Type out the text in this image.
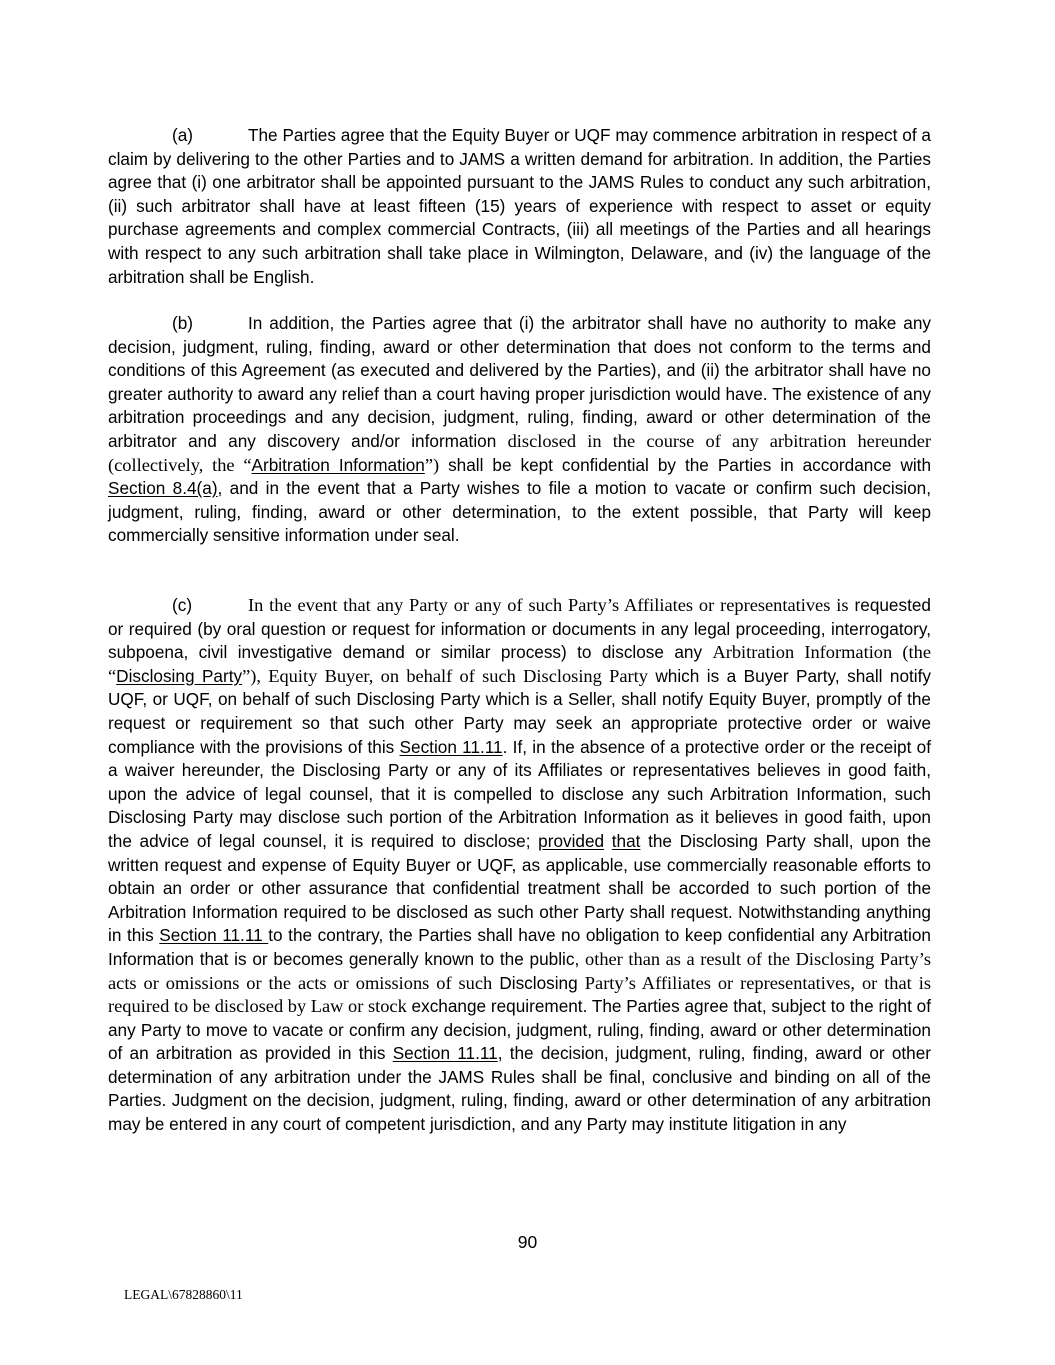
(a)	The Parties agree that the Equity Buyer or UQF may commence arbitration in respect of a claim by delivering to the other Parties and to JAMS a written demand for arbitration. In addition, the Parties agree that (i) one arbitrator shall be appointed pursuant to the JAMS Rules to conduct any such arbitration, (ii) such arbitrator shall have at least fifteen (15) years of experience with respect to asset or equity purchase agreements and complex commercial Contracts, (iii) all meetings of the Parties and all hearings with respect to any such arbitration shall take place in Wilmington, Delaware, and (iv) the language of the arbitration shall be English.

(b)	In addition, the Parties agree that (i) the arbitrator shall have no authority to make any decision, judgment, ruling, finding, award or other determination that does not conform to the terms and conditions of this Agreement (as executed and delivered by the Parties), and (ii) the arbitrator shall have no greater authority to award any relief than a court having proper jurisdiction would have. The existence of any arbitration proceedings and any decision, judgment, ruling, finding, award or other determination of the arbitrator and any discovery and/or information disclosed in the course of any arbitration hereunder (collectively, the “Arbitration Information”) shall be kept confidential by the Parties in accordance with Section 8.4(a), and in the event that a Party wishes to file a motion to vacate or confirm such decision, judgment, ruling, finding, award or other determination, to the extent possible, that Party will keep commercially sensitive information under seal.

(c)	In the event that any Party or any of such Party’s Affiliates or representatives is requested or required (by oral question or request for information or documents in any legal proceeding, interrogatory, subpoena, civil investigative demand or similar process) to disclose any Arbitration Information (the “Disclosing Party”), Equity Buyer, on behalf of such Disclosing Party which is a Buyer Party, shall notify UQF, or UQF, on behalf of such Disclosing Party which is a Seller, shall notify Equity Buyer, promptly of the request or requirement so that such other Party may seek an appropriate protective order or waive compliance with the provisions of this Section 11.11. If, in the absence of a protective order or the receipt of a waiver hereunder, the Disclosing Party or any of its Affiliates or representatives believes in good faith, upon the advice of legal counsel, that it is compelled to disclose any such Arbitration Information, such Disclosing Party may disclose such portion of the Arbitration Information as it believes in good faith, upon the advice of legal counsel, it is required to disclose; provided that the Disclosing Party shall, upon the written request and expense of Equity Buyer or UQF, as applicable, use commercially reasonable efforts to obtain an order or other assurance that confidential treatment shall be accorded to such portion of the Arbitration Information required to be disclosed as such other Party shall request. Notwithstanding anything in this Section 11.11 to the contrary, the Parties shall have no obligation to keep confidential any Arbitration Information that is or becomes generally known to the public, other than as a result of the Disclosing Party’s acts or omissions or the acts or omissions of such Disclosing Party’s Affiliates or representatives, or that is required to be disclosed by Law or stock exchange requirement. The Parties agree that, subject to the right of any Party to move to vacate or confirm any decision, judgment, ruling, finding, award or other determination of an arbitration as provided in this Section 11.11, the decision, judgment, ruling, finding, award or other determination of any arbitration under the JAMS Rules shall be final, conclusive and binding on all of the Parties. Judgment on the decision, judgment, ruling, finding, award or other determination of any arbitration may be entered in any court of competent jurisdiction, and any Party may institute litigation in any

90
LEGAL\67828860\11
